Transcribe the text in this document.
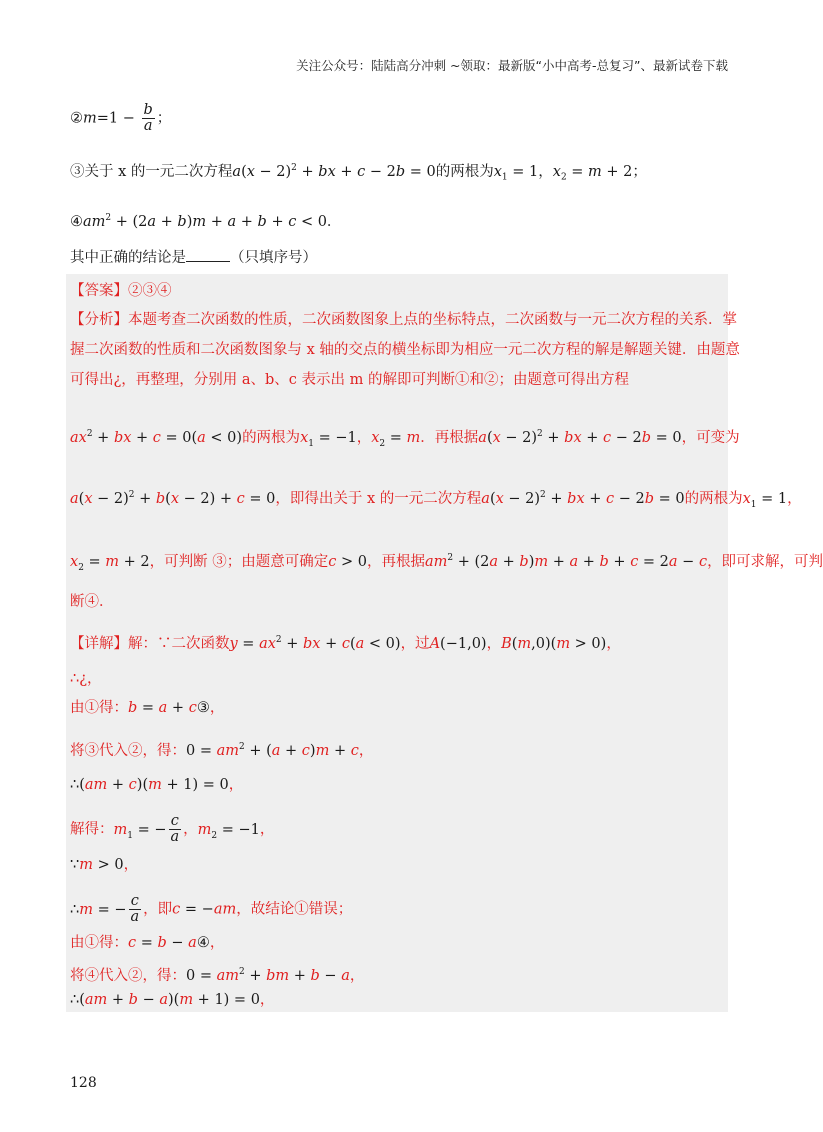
关注公众号：陆陆高分冲刺 ~领取：最新版“小中高考-总复习”、最新试卷下载
②m=1 − $\frac{b}{a}$ ；
③关于 x 的一元二次方程$a(x - 2)^2$ + bx + c − 2b = 0的两根为$x_1 = 1$，$x_2 = m + 2$；
$④am^2 + (2a + b)m + a + b + c < 0$．
其中正确的结论是	（只填序号）
【答案】②③④
【分析】本题考查二次函数的性质，二次函数图象上点的坐标特点，二次函数与一元二次方程的关系．掌
握二次函数的性质和二次函数图象与 x 轴的交点的横坐标即为相应一元二次方程的解是解题关键．由题意
可得出¿，再整理，分别用 a、b、c 表示出 m 的解即可判断①和②；由题意可得出方程
$ax^2$ + bx + c = 0(a < 0)的两根为$x_1 = -1$，$x_2 = m$．再根据$a(x - 2)^2$ + bx + c − 2b = 0，可变为
$a(x - 2)^2 + b(x - 2) + c = 0$，即得出关于 x 的一元二次方程$a(x - 2)^2$ + bx + c − 2b = 0的两根为$x_1 = 1$，
$x_2 = m + 2$，可判断 ③；由题意可确定c > 0，再根据$am^2 + (2a + b)m + a + b + c = 2a - c$，即可求解，可判
断④．
【详解】解：∵二次函数$y = ax^2$ + bx + c(a < 0)，过A(−1,0)，B(m,0)(m > 0)，
∴¿，
由①得：b = a + c③，
将③代入②，得：$0 = am^2 + (a + c)m + c$，
∴(am + c)(m + 1) = 0，
解得：$m_1$ = − $\frac{c}{a}$ ，$m_2 = -1$，
∵m > 0，
∴m = − $\frac{c}{a}$ ，即c = −am，故结论①错误；
由①得：c = b − a④，
将④代入②，得：$0 = am^2$ + bm + b − a，
∴(am + b − a)(m + 1) = 0，
128
